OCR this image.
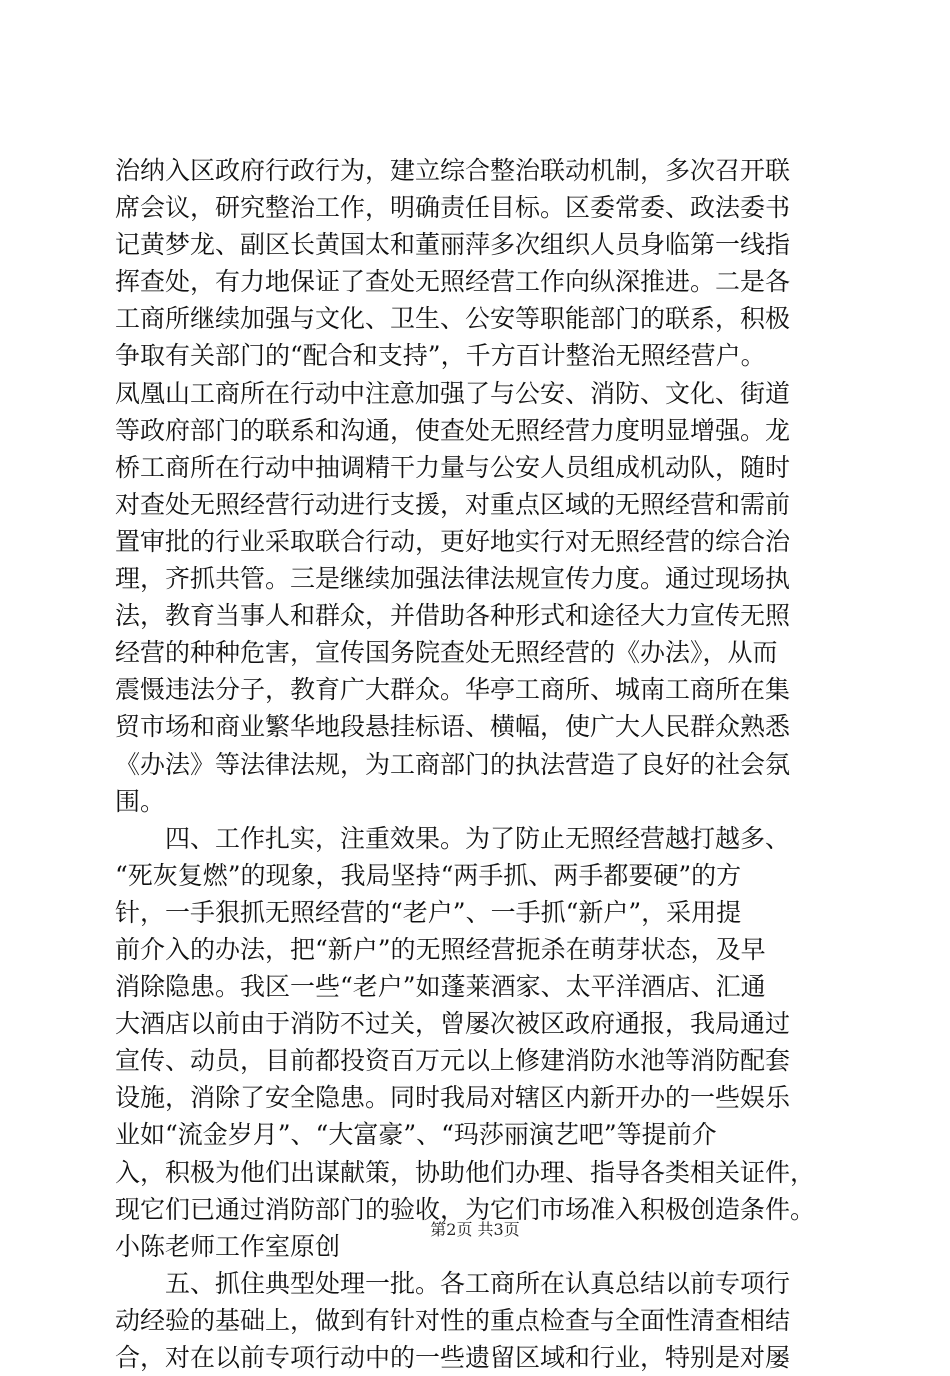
治纳入区政府行政行为，建立综合整治联动机制，多次召开联
席会议，研究整治工作，明确责任目标。区委常委、政法委书
记黄梦龙、副区长黄国太和董丽萍多次组织人员身临第一线指
挥查处，有力地保证了查处无照经营工作向纵深推进。二是各
工商所继续加强与文化、卫生、公安等职能部门的联系，积极
争取有关部门的“配合和支持”，千方百计整治无照经营户。
凤凰山工商所在行动中注意加强了与公安、消防、文化、街道
等政府部门的联系和沟通，使查处无照经营力度明显增强。龙
桥工商所在行动中抽调精干力量与公安人员组成机动队，随时
对查处无照经营行动进行支援，对重点区域的无照经营和需前
置审批的行业采取联合行动，更好地实行对无照经营的综合治
理，齐抓共管。三是继续加强法律法规宣传力度。通过现场执
法，教育当事人和群众，并借助各种形式和途径大力宣传无照
经营的种种危害，宣传国务院查处无照经营的《办法》，从而
震慑违法分子，教育广大群众。华亭工商所、城南工商所在集
贸市场和商业繁华地段悬挂标语、横幅，使广大人民群众熟悉
《办法》等法律法规，为工商部门的执法营造了良好的社会氛
围。
　　四、工作扎实，注重效果。为了防止无照经营越打越多、
“死灰复燃”的现象，我局坚持“两手抓、两手都要硬”的方
针，一手狠抓无照经营的“老户”、一手抓“新户”，采用提
前介入的办法，把“新户”的无照经营扼杀在萌芽状态，及早
消除隐患。我区一些“老户”如蓬莱酒家、太平洋酒店、汇通
大酒店以前由于消防不过关，曾屡次被区政府通报，我局通过
宣传、动员，目前都投资百万元以上修建消防水池等消防配套
设施，消除了安全隐患。同时我局对辖区内新开办的一些娱乐
业如“流金岁月”、“大富豪”、“玛莎丽演艺吧”等提前介
入，积极为他们出谋献策，协助他们办理、指导各类相关证件，
现它们已通过消防部门的验收，为它们市场准入积极创造条件。
小陈老师工作室原创
　　五、抓住典型处理一批。各工商所在认真总结以前专项行
动经验的基础上，做到有针对性的重点检查与全面性清查相结
合，对在以前专项行动中的一些遗留区域和行业，特别是对屡
第2页 共3页
